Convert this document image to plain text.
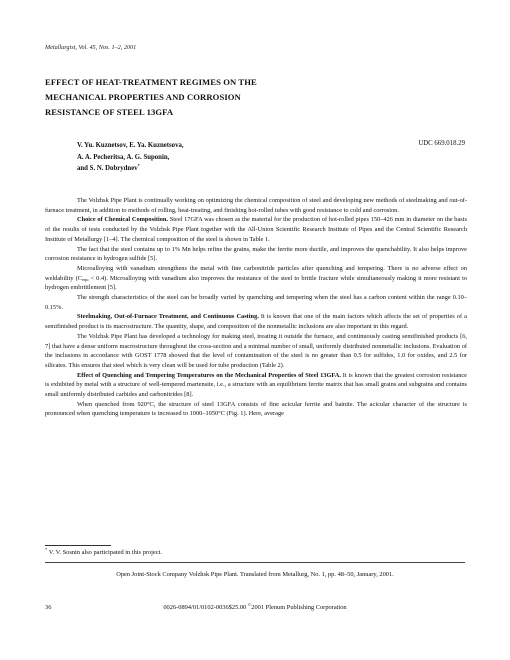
Metallurgist, Vol. 45, Nos. 1–2, 2001
EFFECT OF HEAT-TREATMENT REGIMES ON THE
MECHANICAL PROPERTIES AND CORROSION
RESISTANCE OF STEEL 13GFA
V. Yu. Kuznetsov, E. Ya. Kuznetsova,
A. A. Pecheritsa, A. G. Suponin,
and S. N. Dobrydnev*
UDC 669.018.29

The Volzhsk Pipe Plant is continually working on optimizing the chemical composition of steel and developing new methods of steelmaking and out-of-furnace treatment, in addition to methods of rolling, heat-treating, and finishing hot-rolled tubes with good resistance to cold and corrosion.

Choice of Chemical Composition. Steel 17GFA was chosen as the material for the production of hot-rolled pipes 150–426 mm in diameter on the basis of the results of tests conducted by the Volzhsk Pipe Plant together with the All-Union Scientific Research Institute of Pipes and the Central Scientific Research Institute of Metallurgy [1–4]. The chemical composition of the steel is shown in Table 1.

The fact that the steel contains up to 1% Mn helps refine the grains, make the ferrite more ductile, and improves the quenchability. It also helps improve corrosion resistance in hydrogen sulfide [5].

Microalloying with vanadium strengthens the metal with fine carbonitride particles after quenching and tempering. There is no adverse effect on weldability $(C_{equ} < 0.4)$. Microalloying with vanadium also improves the resistance of the steel to brittle fracture while simultaneously making it more resistant to hydrogen embrittlement [5].

The strength characteristics of the steel can be broadly varied by quenching and tempering when the steel has a carbon content within the range 0.10–0.15%.

Steelmaking, Out-of-Furnace Treatment, and Continuous Casting. It is known that one of the main factors which affects the set of properties of a semifinished product is its macrostructure. The quantity, shape, and composition of the nonmetallic inclusions are also important in this regard.

The Volzhsk Pipe Plant has developed a technology for making steel, treating it outside the furnace, and continuously casting semifinished products [6, 7] that have a dense uniform macrostructure throughout the cross-section and a minimal number of small, uniformly distributed nonmetallic inclusions. Evaluation of the inclusions in accordance with GOST 1778 showed that the level of contamination of the steel is no greater than 0.5 for sulfides, 1.0 for oxides, and 2.5 for silicates. This ensures that steel which is very clean will be used for tube production (Table 2).

Effect of Quenching and Tempering Temperatures on the Mechanical Properties of Steel 13GFA. It is known that the greatest corrosion resistance is exhibited by metal with a structure of well-tempered martensite, i.e., a structure with an equilibrium ferrite matrix that has small grains and subgrains and contains small uniformly distributed carbides and carbonitrides [8].

When quenched from 920°C, the structure of steel 13GFA consists of fine acicular ferrite and bainite. The acicular character of the structure is pronounced when quenching temperature is increased to 1000–1050°C (Fig. 1). Here, average

* V. V. Sosnin also participated in this project.
Open Joint-Stock Company Volzhsk Pipe Plant. Translated from Metallurg, No. 1, pp. 48–50, January, 2001.
36	0026-0894/01/0102-0036$25.00 ©2001 Plenum Publishing Corporation
